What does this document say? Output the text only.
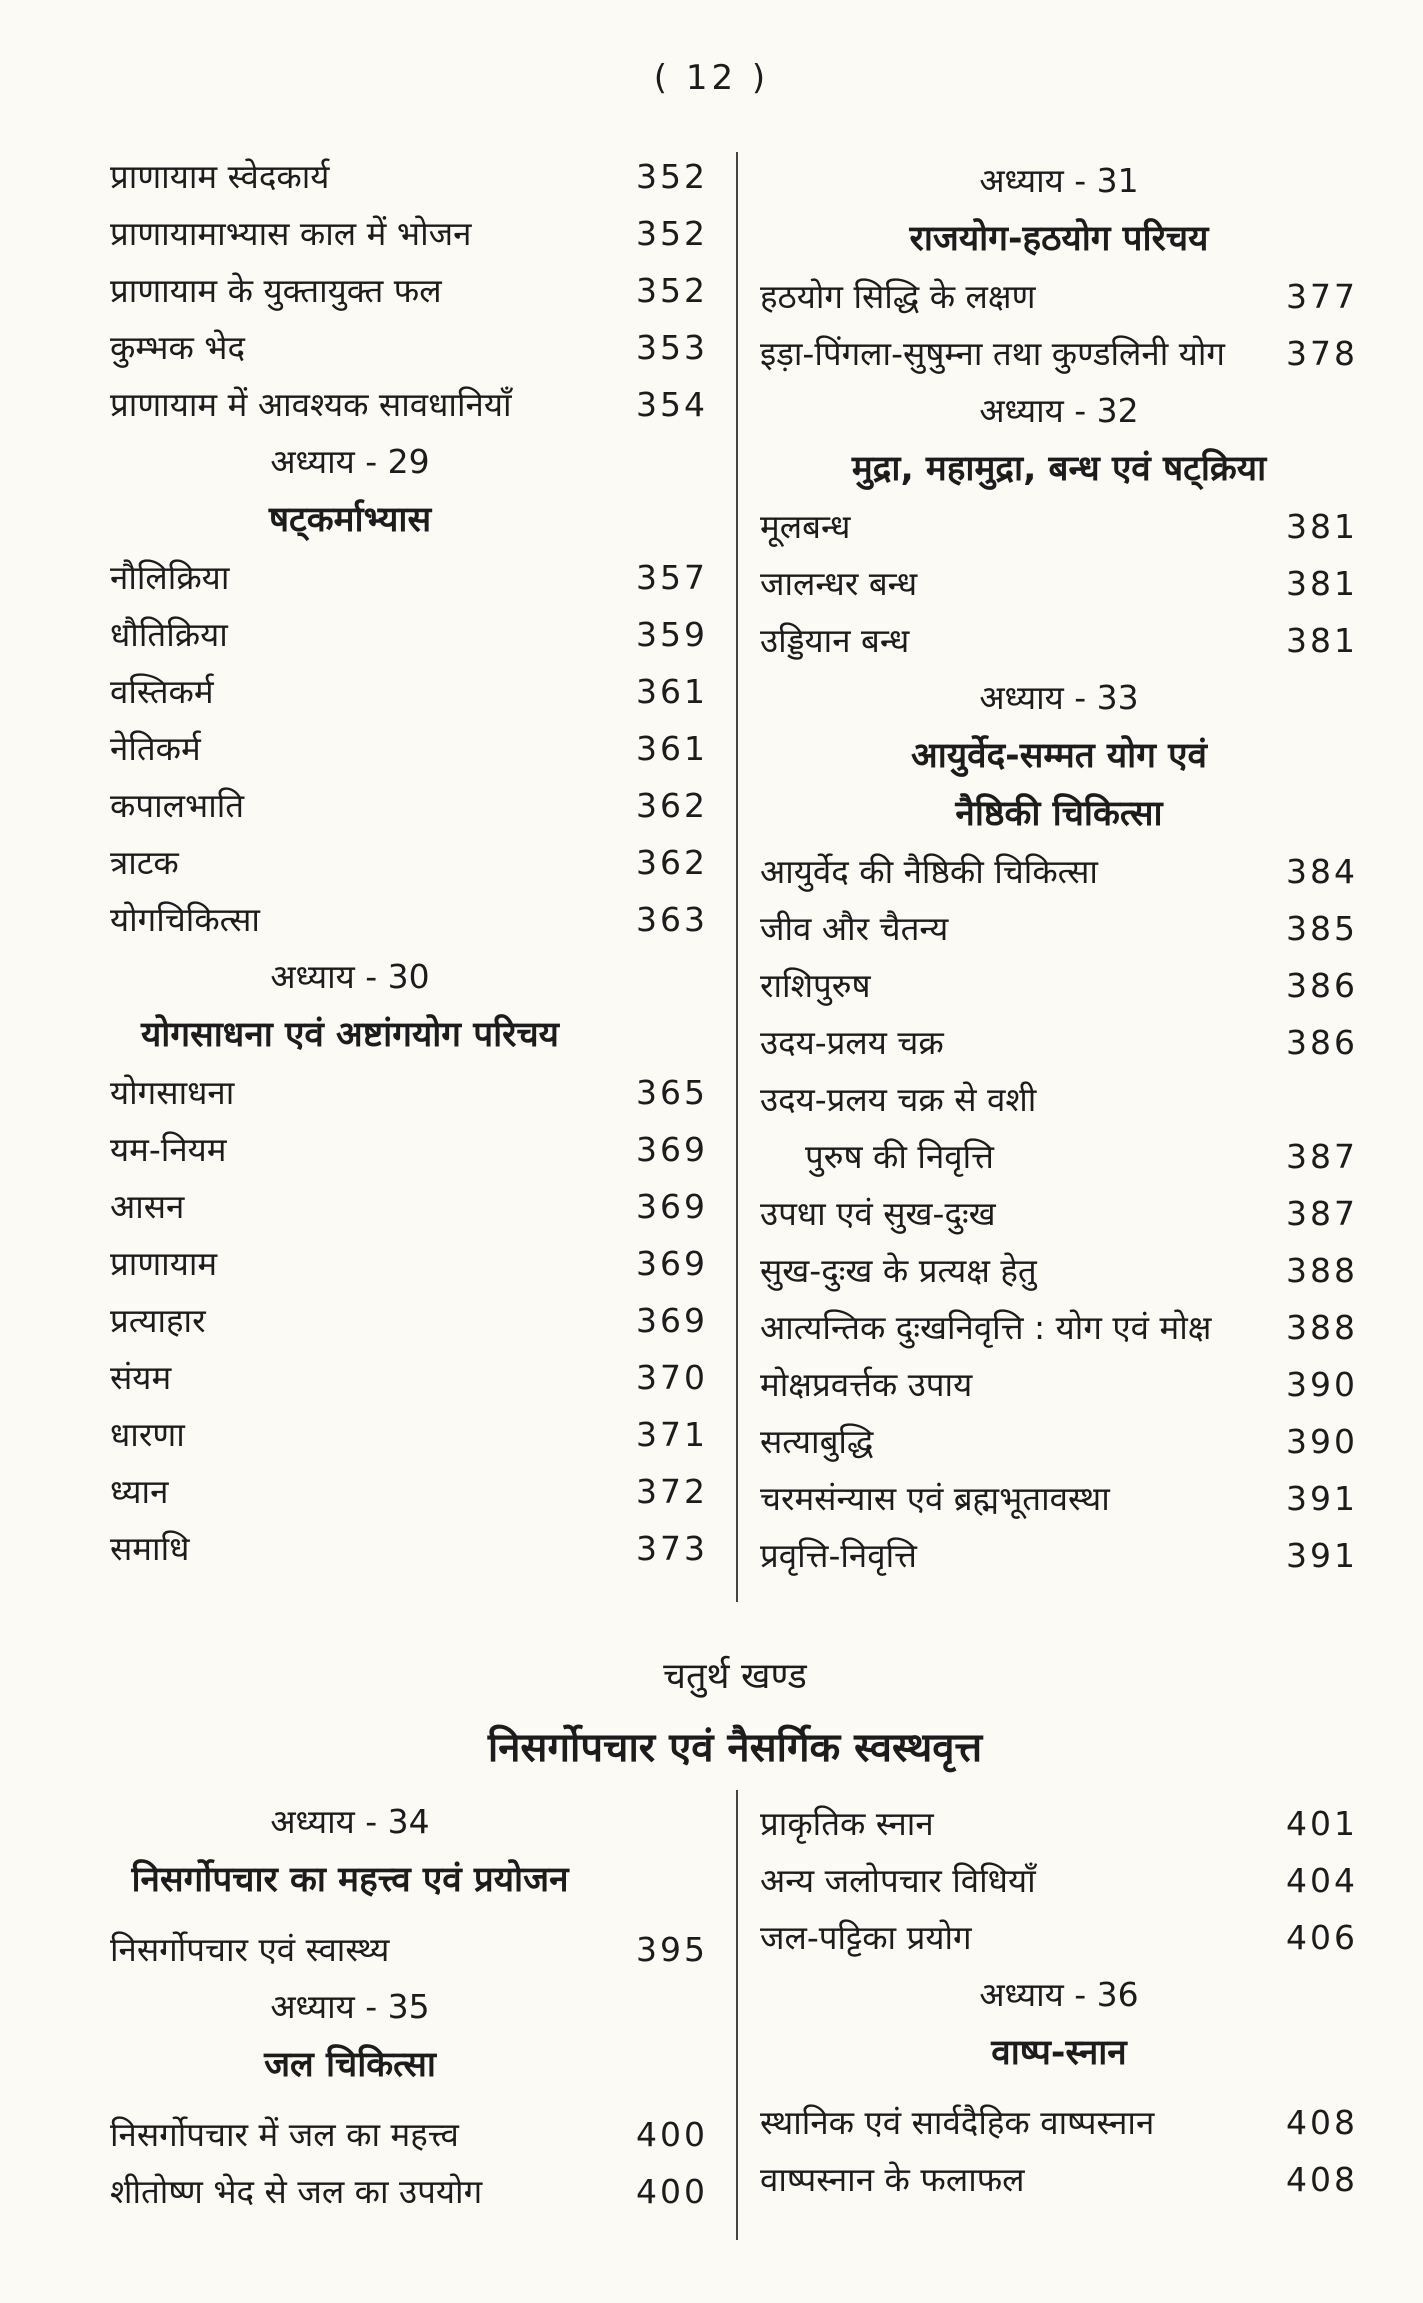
( 12 )
प्राणायाम स्वेदकार्य	352
प्राणायामाभ्यास काल में भोजन	352
प्राणायाम के युक्तायुक्त फल	352
कुम्भक भेद	353
प्राणायाम में आवश्यक सावधानियाँ	354
अध्याय - 29
षट्कर्माभ्यास
नौलिक्रिया	357
धौतिक्रिया	359
वस्तिकर्म	361
नेतिकर्म	361
कपालभाति	362
त्राटक	362
योगचिकित्सा	363
अध्याय - 30
योगसाधना एवं अष्टांगयोग परिचय
योगसाधना	365
यम-नियम	369
आसन	369
प्राणायाम	369
प्रत्याहार	369
संयम	370
धारणा	371
ध्यान	372
समाधि	373
अध्याय - 31
राजयोग-हठयोग परिचय
हठयोग सिद्धि के लक्षण	377
इड़ा-पिंगला-सुषुम्ना तथा कुण्डलिनी योग 378
अध्याय - 32
मुद्रा, महामुद्रा, बन्ध एवं षट्क्रिया
मूलबन्ध	381
जालन्धर बन्ध	381
उड्डियान बन्ध	381
अध्याय - 33
आयुर्वेद-सम्मत योग एवं
नैष्ठिकी चिकित्सा
आयुर्वेद की नैष्ठिकी चिकित्सा	384
जीव और चैतन्य	385
राशिपुरुष	386
उदय-प्रलय चक्र	386
उदय-प्रलय चक्र से वशी
पुरुष की निवृत्ति	387
उपधा एवं सुख-दुःख	387
सुख-दुःख के प्रत्यक्ष हेतु	388
आत्यन्तिक दुःखनिवृत्ति : योग एवं मोक्ष 388
मोक्षप्रवर्त्तक उपाय	390
सत्याबुद्धि	390
चरमसंन्यास एवं ब्रह्मभूतावस्था	391
प्रवृत्ति-निवृत्ति	391
चतुर्थ खण्ड
निसर्गोपचार एवं नैसर्गिक स्वस्थवृत्त
अध्याय - 34
निसर्गोपचार का महत्त्व एवं प्रयोजन
निसर्गोपचार एवं स्वास्थ्य	395
अध्याय - 35
जल चिकित्सा
निसर्गोपचार में जल का महत्त्व	400
शीतोष्ण भेद से जल का उपयोग	400
प्राकृतिक स्नान	401
अन्य जलोपचार विधियाँ	404
जल-पट्टिका प्रयोग	406
अध्याय - 36
वाष्प-स्नान
स्थानिक एवं सार्वदैहिक वाष्पस्नान	408
वाष्पस्नान के फलाफल	408
